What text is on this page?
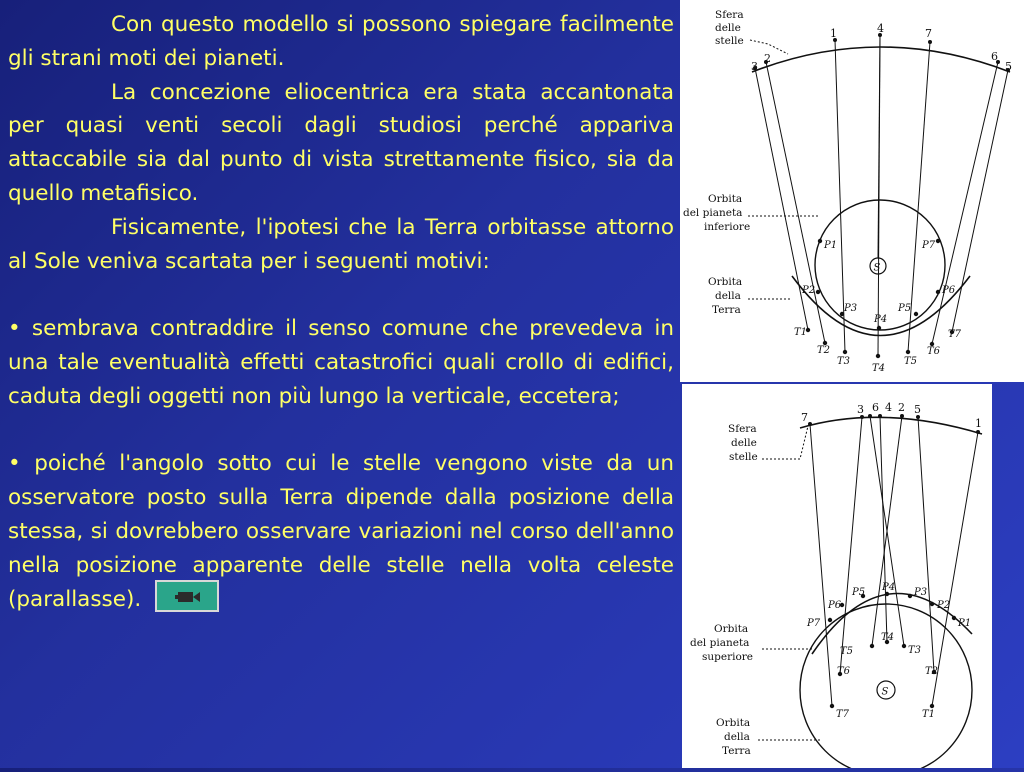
Con questo modello si possono spiegare facilmente gli strani moti dei pianeti.

La concezione eliocentrica era stata accantonata per quasi venti secoli dagli studiosi perché appariva attaccabile sia dal punto di vista strettamente fisico, sia da quello metafisico.

Fisicamente, l'ipotesi che la Terra orbitasse attorno al Sole veniva scartata per i seguenti motivi:

• sembrava contraddire il senso comune che prevedeva in una tale eventualità effetti catastrofici quali crollo di edifici, caduta degli oggetti non più lungo la verticale, eccetera;

• poiché l'angolo sotto cui le stelle vengono viste da un osservatore posto sulla Terra dipende dalla posizione della stessa, si dovrebbero osservare variazioni nel corso dell'anno nella posizione apparente delle stelle nella volta celeste (parallasse).

S
3
2
1	4	7
6
5
P1
P2
P3
P4
P5
P6
P7
T1
T2
T3
T4
T5
T6
T7
Sfera
delle
stelle
Orbita
del pianeta
inferiore
Orbita
della
Terra
S
7
3 6 4 2 5
1
P7
P6
P5 P4 P3
P2
P1
T5
T4
T3
T6	T2
T7	T1
Sfera
delle
stelle
Orbita
del pianeta
superiore
Orbita
della
Terra
